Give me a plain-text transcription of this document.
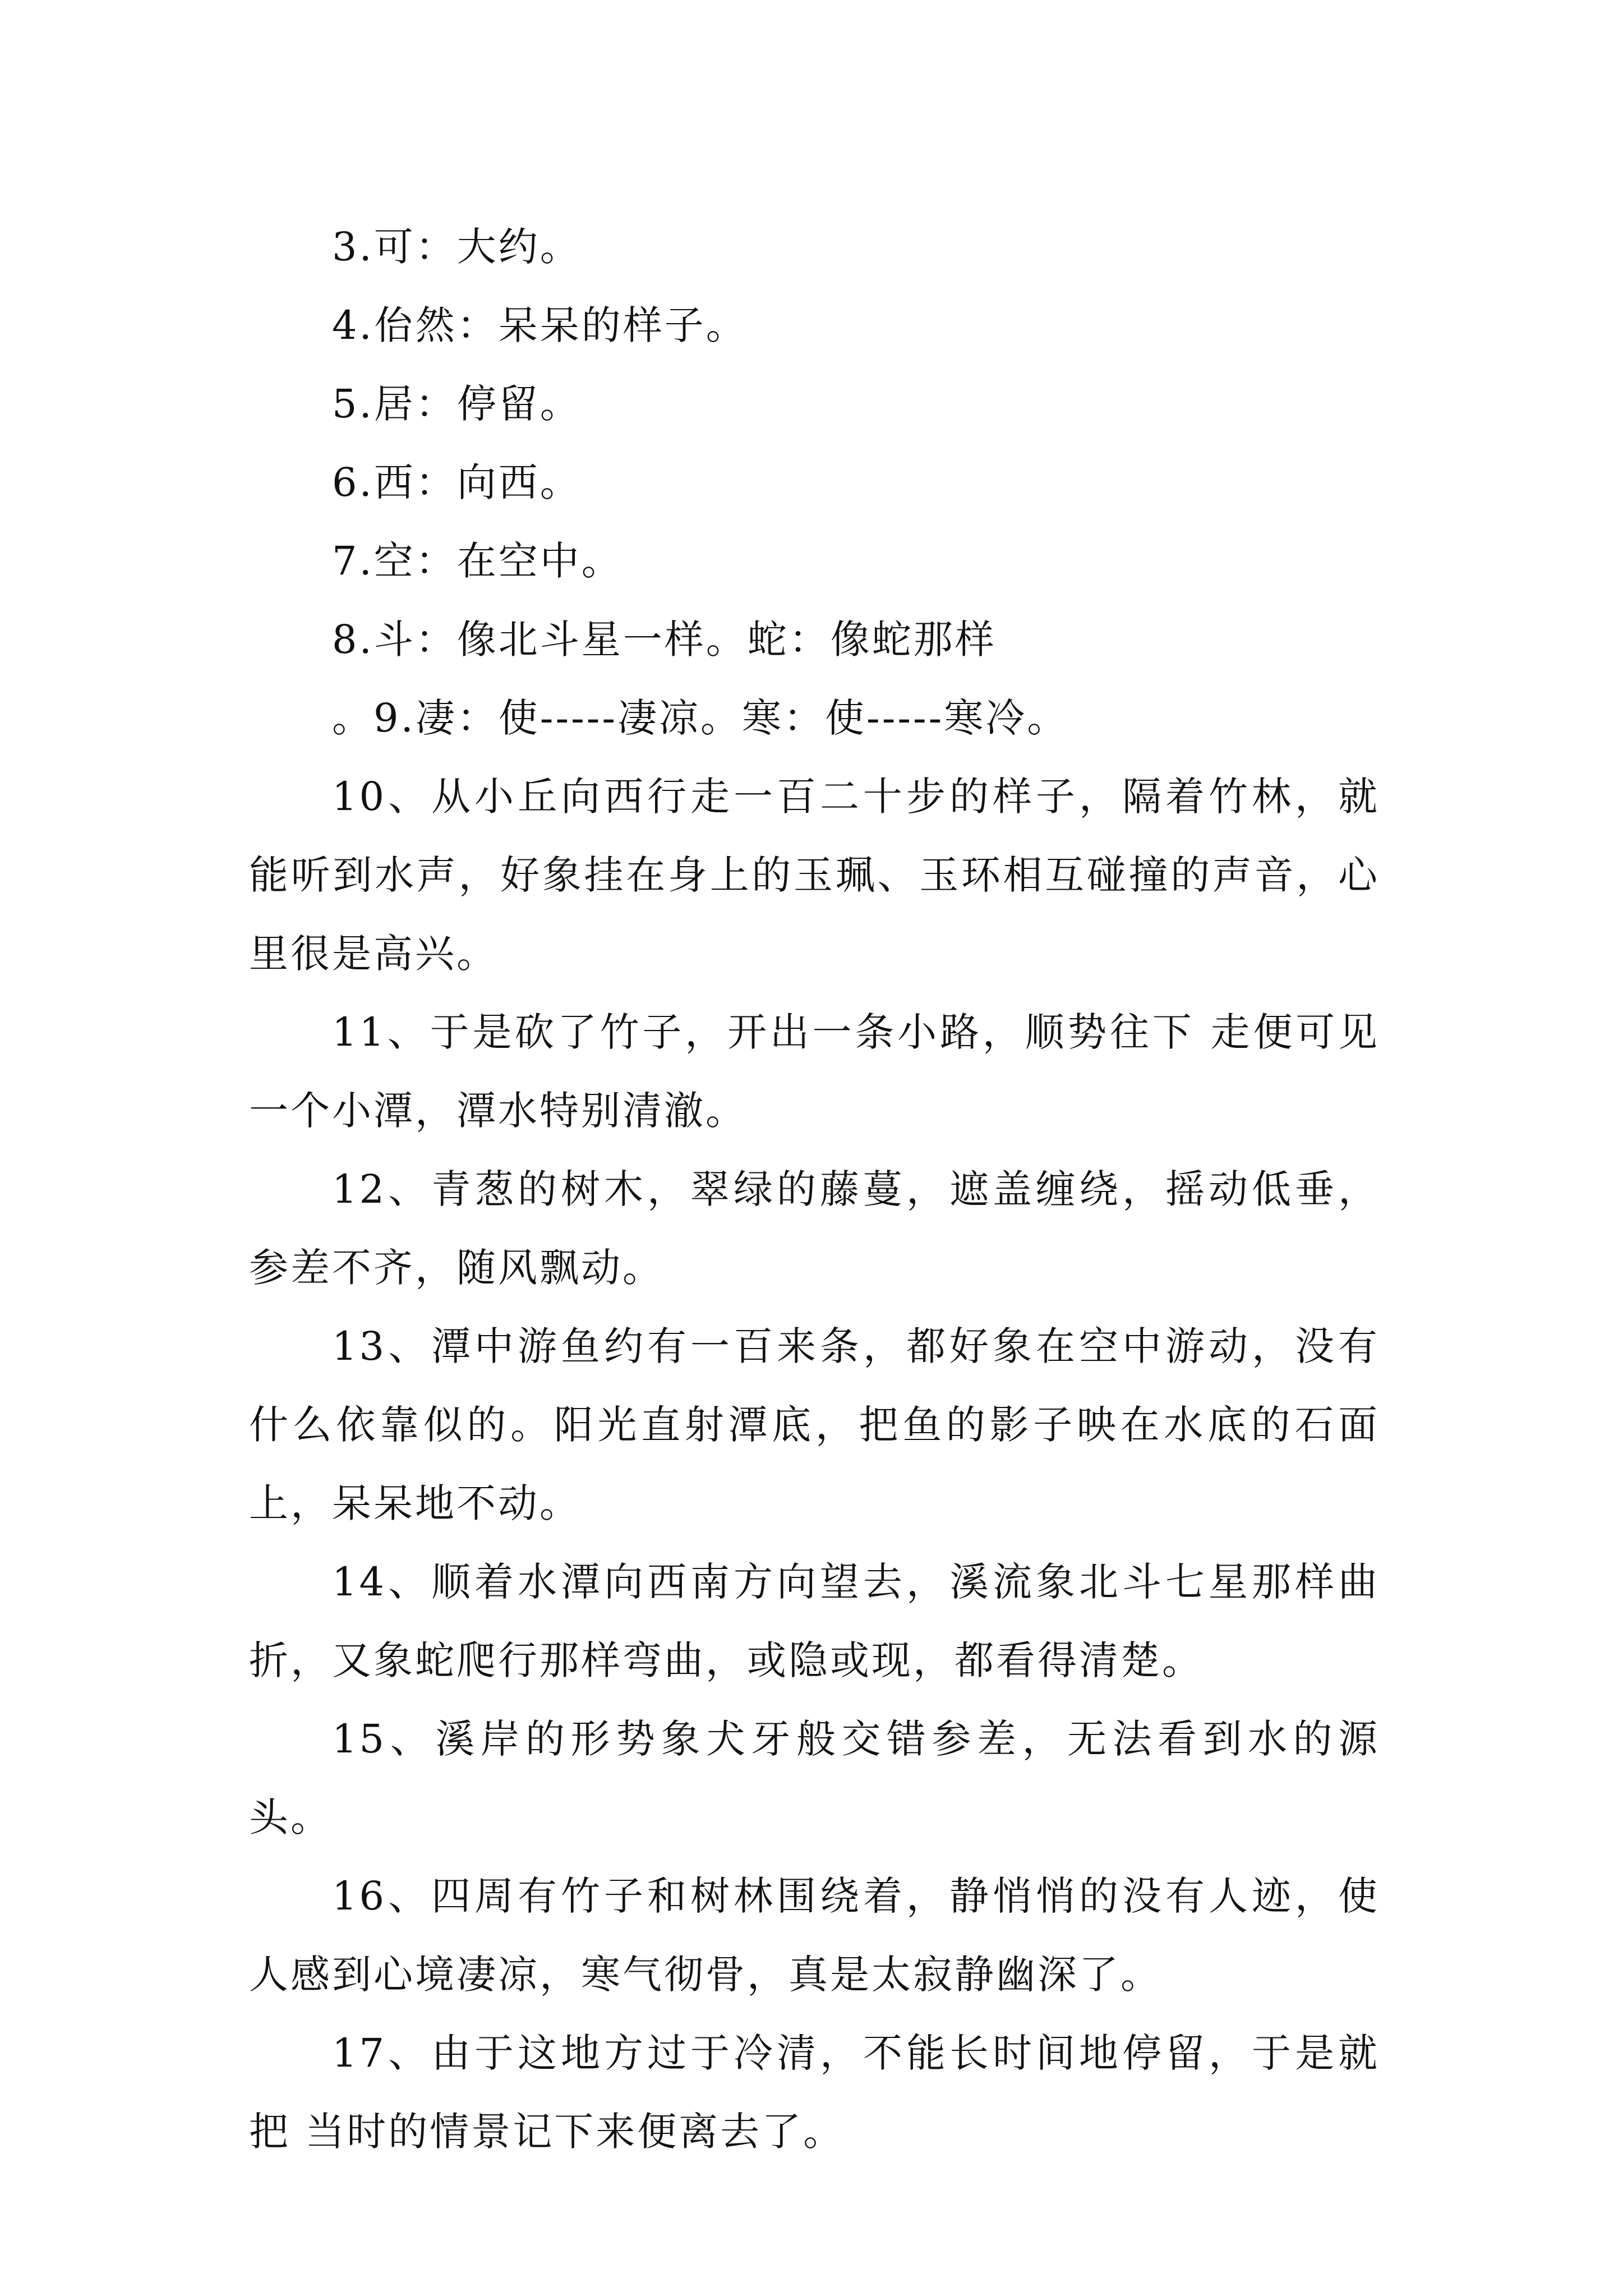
3.可：大约。

4.佁然：呆呆的样子。

5.居：停留。

6.西：向西。

7.空：在空中。

8.斗：像北斗星一样。蛇：像蛇那样

。9.凄：使-----凄凉。寒：使-----寒冷。

10、从小丘向西行走一百二十步的样子，隔着竹林，就能听到水声，好象挂在身上的玉珮、玉环相互碰撞的声音，心里很是高兴。

11、于是砍了竹子，开出一条小路，顺势往下 走便可见一个小潭，潭水特别清澈。

12、青葱的树木，翠绿的藤蔓，遮盖缠绕，摇动低垂，参差不齐，随风飘动。

13、潭中游鱼约有一百来条，都好象在空中游动，没有什么依靠似的。阳光直射潭底，把鱼的影子映在水底的石面上，呆呆地不动。

14、顺着水潭向西南方向望去，溪流象北斗七星那样曲折，又象蛇爬行那样弯曲，或隐或现，都看得清楚。

15、溪岸的形势象犬牙般交错参差，无法看到水的源头。

16、四周有竹子和树林围绕着，静悄悄的没有人迹，使人感到心境凄凉，寒气彻骨，真是太寂静幽深了。

17、由于这地方过于冷清，不能长时间地停留，于是就把 当时的情景记下来便离去了。
